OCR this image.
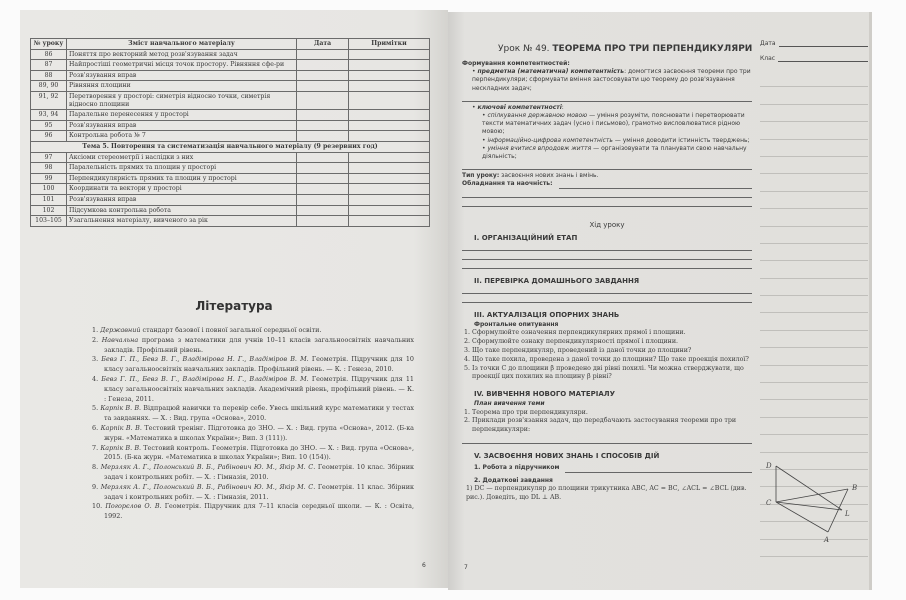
№ уроку	Зміст навчального матеріалу	Дата	Примітки
86	Поняття про векторний метод розв'язування задач		
87	Найпростіші геометричні місця точок простору. Рівняння сфе-ри		
88	Розв'язування вправ		
89, 90	Рівняння площини		
91, 92	Перетворення у просторі: симетрія відносно точки, симетрія відносно площини		
93, 94	Паралельне перенесення у просторі		
95	Розв'язування вправ		
96	Контрольна робота № 7		
Тема 5. Повторення та систематизація навчального матеріалу (9 резервних год)			
97	Аксіоми стереометрії і наслідки з них		
98	Паралельність прямих та площин у просторі		
99	Перпендикулярність прямих та площин у просторі		
100	Координати та вектори у просторі		
101	Розв'язування вправ		
102	Підсумкова контрольна робота		
103–105	Узагальнення матеріалу, вивченого за рік		
Література
1. Державний стандарт базової і повної загальної середньої освіти.
2. Навчальна програма з математики для учнів 10–11 класів загальноосвітніх навчальних закладів. Профільний рівень.
3. Бевз Г. П., Бевз В. Г., Владімірова Н. Г., Владіміров В. М. Геометрія. Підручник для 10 класу загальноосвітніх навчальних закладів. Профільний рівень. — К. : Генеза, 2010.
4. Бевз Г. П., Бевз В. Г., Владімірова Н. Г., Владіміров В. М. Геометрія. Підручник для 11 класу загальноосвітніх навчальних закладів. Академічний рівень, профільний рівень. — К. : Генеза, 2011.
5. Карпік В. В. Відпрацюй навички та перевір себе. Увесь шкільний курс математики у тестах та завданнях. — Х. : Вид. група «Основа», 2010.
6. Карпік В. В. Тестовий тренінг. Підготовка до ЗНО. — Х. : Вид. група «Основа», 2012. (Б-ка журн. «Математика в школах України»; Вип. 3 (111)).
7. Карпік В. В. Тестовий контроль. Геометрія. Підготовка до ЗНО. — Х. : Вид. група «Основа», 2015. (Б-ка журн. «Математика в школах України»; Вип. 10 (154)).
8. Мерзляк А. Г., Полонський В. Б., Рабінович Ю. М., Якір М. С. Геометрія. 10 клас. Збірник задач і контрольних робіт. — Х. : Гімназія, 2010.
9. Мерзляк А. Г., Полонський В. Б., Рабінович Ю. М., Якір М. С. Геометрія. 11 клас. Збірник задач і контрольних робіт. — Х. : Гімназія, 2011.
10. Погорєлов О. В. Геометрія. Підручник для 7–11 класів середньої школи. — К. : Освіта, 1992.
6
Урок № 49. ТЕОРЕМА ПРО ТРИ ПЕРПЕНДИКУЛЯРИ
Дата
Клас
Формування компетентностей:
• предметна (математична) компетентність: домогтися засвоєння теореми про три перпендикуляри; сформувати вміння застосовувати цю теорему до розв'язування нескладних задач;
• ключові компетентності:
• спілкування державною мовою — уміння розуміти, пояснювати і перетворювати тексти математичних задач (усно і письмово), грамотно висловлюватися рідною мовою;
• інформаційно-цифрова компетентність — уміння доводити істинність тверджень;
• уміння вчитися впродовж життя — організовувати та планувати свою навчальну діяльність;
Тип уроку: засвоєння нових знань і вмінь.
Обладнання та наочність:
Хід уроку
I. ОРГАНІЗАЦІЙНИЙ ЕТАП
II. ПЕРЕВІРКА ДОМАШНЬОГО ЗАВДАННЯ
III. АКТУАЛІЗАЦІЯ ОПОРНИХ ЗНАНЬ
Фронтальне опитування
1. Сформулюйте означення перпендикулярних прямої і площини.
2. Сформулюйте ознаку перпендикулярності прямої і площини.
3. Що таке перпендикуляр, проведений із даної точки до площини?
4. Що таке похила, проведена з даної точки до площини? Що таке проекція похилої?
5. Із точки C до площини β проведено дві рівні похилі. Чи можна стверджувати, що проекції цих похилих на площину β рівні?
IV. ВИВЧЕННЯ НОВОГО МАТЕРІАЛУ
План вивчення теми
1. Теорема про три перпендикуляри.
2. Приклади розв'язання задач, що передбачають застосування теореми про три перпендикуляри:
V. ЗАСВОЄННЯ НОВИХ ЗНАНЬ І СПОСОБІВ ДІЙ
1. Робота з підручником
2. Додаткові завдання
1) DC — перпендикуляр до площини трикутника ABC, AC = BC, ∠ACL = ∠BCL (див. рис.). Доведіть, що DL ⊥ AB.
D
B
C
L
A
7
